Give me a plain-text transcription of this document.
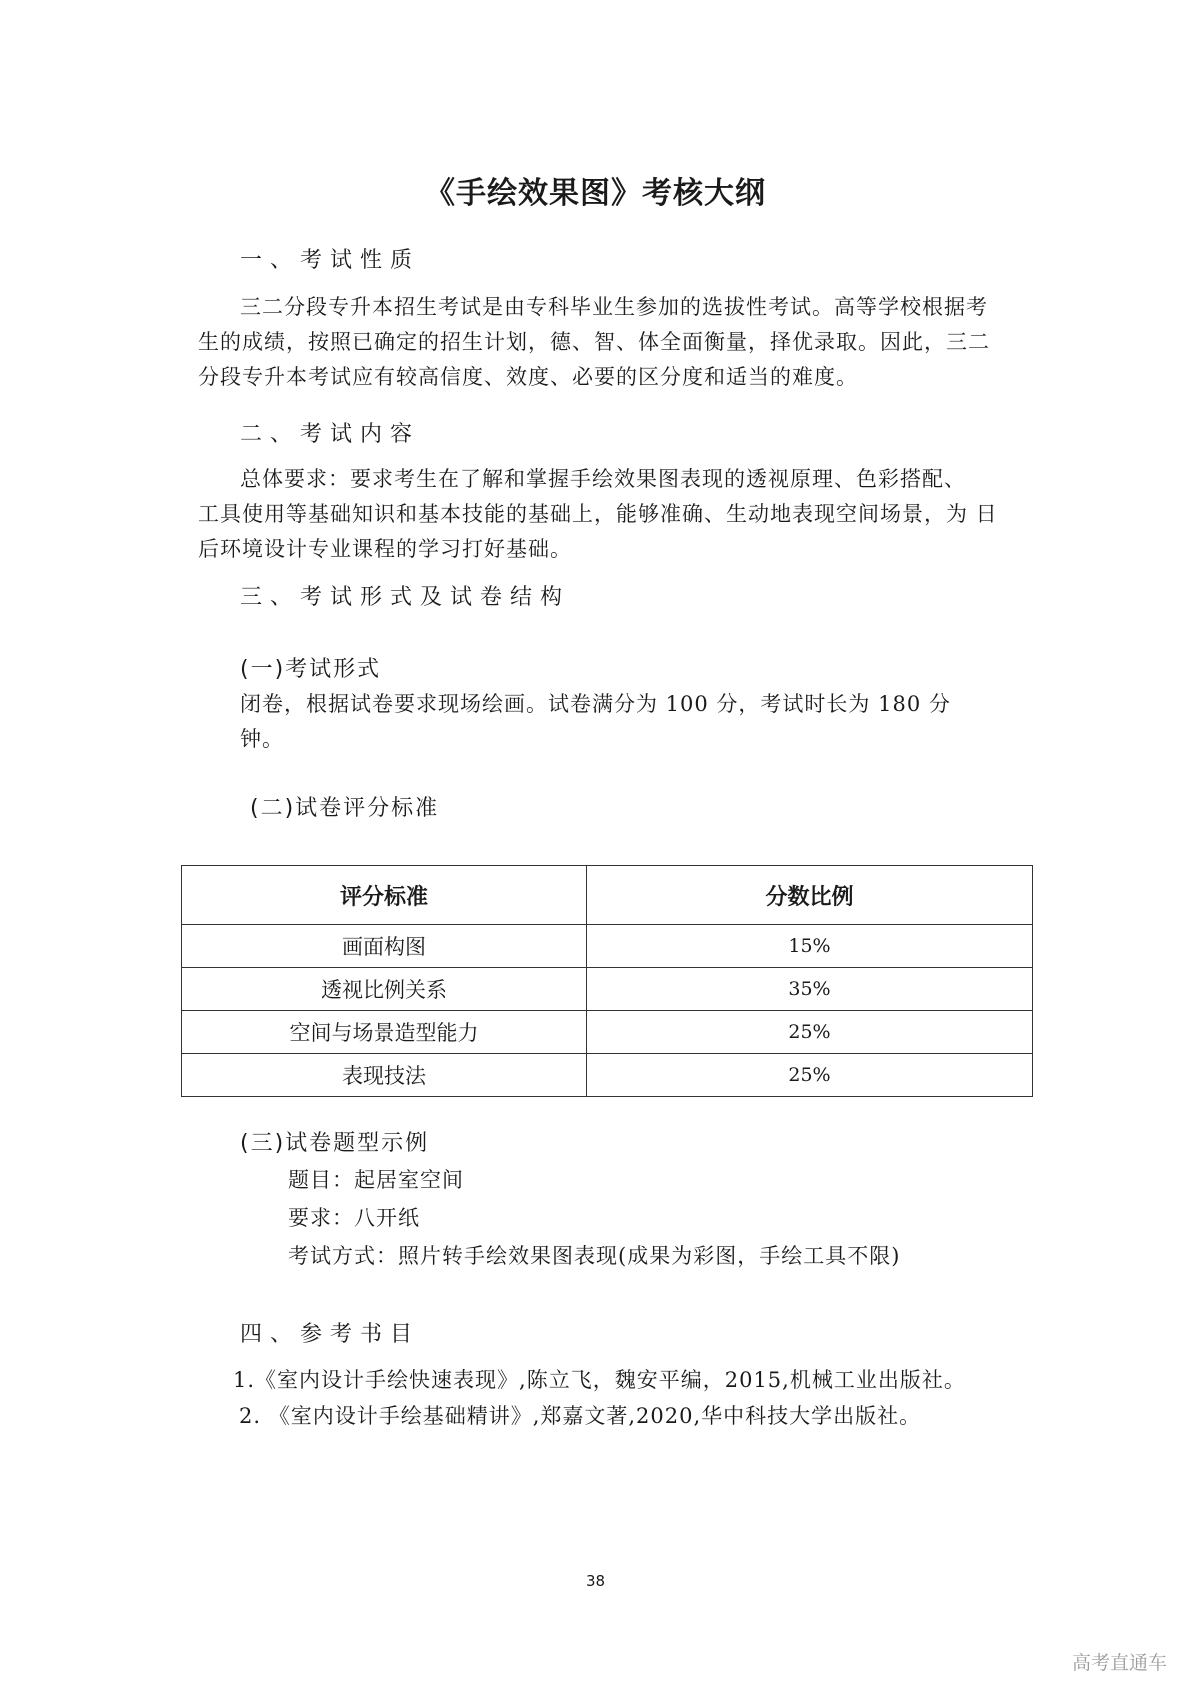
《手绘效果图》考核大纲
一、考试性质

三二分段专升本招生考试是由专科毕业生参加的选拔性考试。高等学校根据考

生的成绩，按照已确定的招生计划，德、智、体全面衡量，择优录取。因此，三二

分段专升本考试应有较高信度、效度、必要的区分度和适当的难度。

二、考试内容

总体要求：要求考生在了解和掌握手绘效果图表现的透视原理、色彩搭配、

工具使用等基础知识和基本技能的基础上，能够准确、生动地表现空间场景，为 日

后环境设计专业课程的学习打好基础。

三、考试形式及试卷结构
(一)考试形式

闭卷，根据试卷要求现场绘画。试卷满分为 100 分，考试时长为 180 分

钟。

(二)试卷评分标准
评分标准	分数比例
画面构图	15%
透视比例关系	35%
空间与场景造型能力	25%
表现技法	25%
(三)试卷题型示例

题目：起居室空间

要求：八开纸

考试方式：照片转手绘效果图表现(成果为彩图，手绘工具不限)

四、参考书目

1.《室内设计手绘快速表现》,陈立飞，魏安平编，2015,机械工业出版社。

2. 《室内设计手绘基础精讲》,郑嘉文著,2020,华中科技大学出版社。

38
高考直通车
